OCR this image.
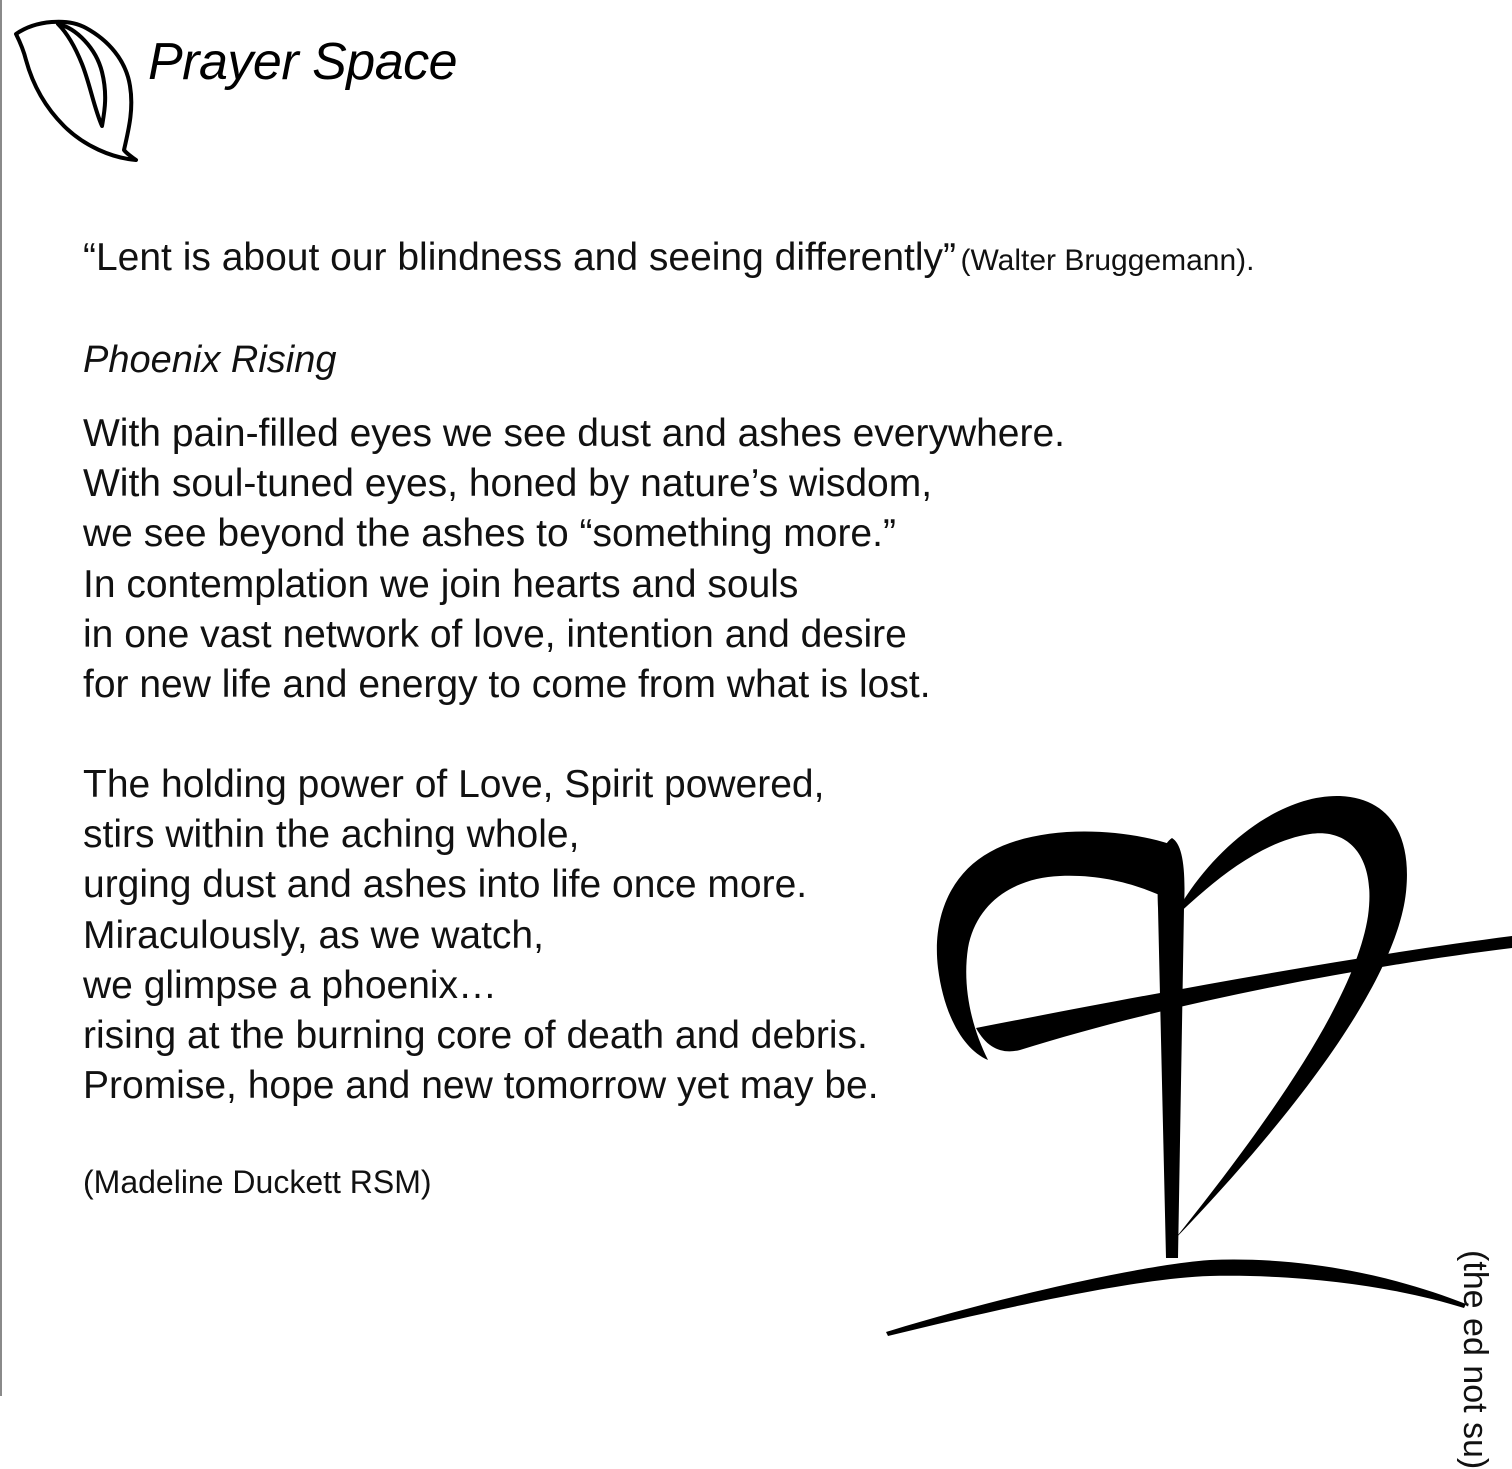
Prayer Space
“Lent is about our blindness and seeing differently” (Walter Bruggemann).
Phoenix Rising
With pain-filled eyes we see dust and ashes everywhere.
With soul-tuned eyes, honed by nature’s wisdom,
we see beyond the ashes to “something more.”
In contemplation we join hearts and souls
in one vast network of love, intention and desire
for new life and energy to come from what is lost.
The holding power of Love, Spirit powered,
stirs within the aching whole,
urging dust and ashes into life once more.
Miraculously, as we watch,
we glimpse a phoenix…
rising at the burning core of death and debris.
Promise, hope and new tomorrow yet may be.
(Madeline Duckett RSM)
(the ed not su)
